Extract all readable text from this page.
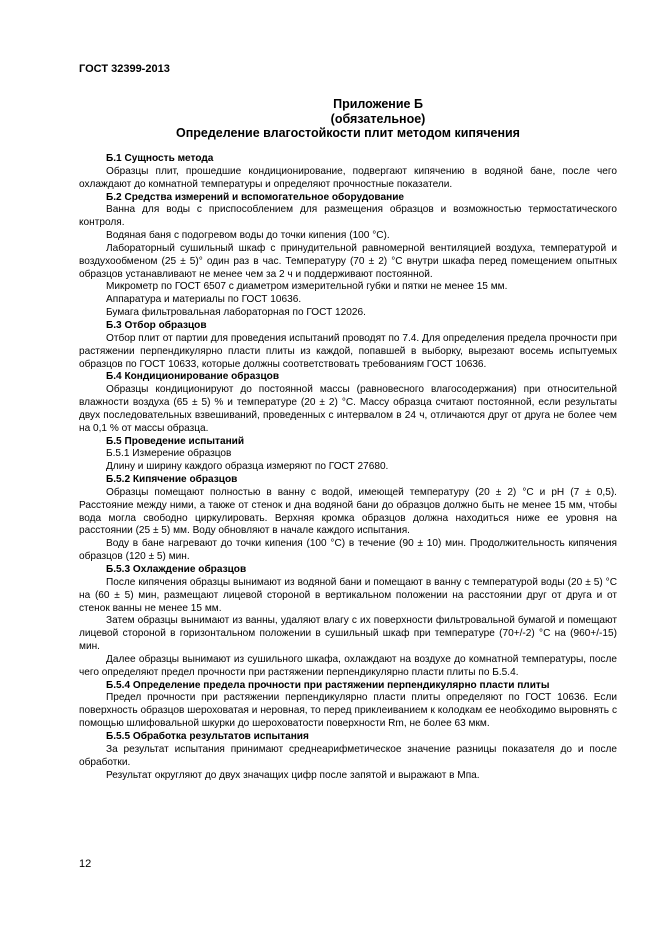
ГОСТ 32399-2013
Приложение Б
(обязательное)
Определение влагостойкости плит методом кипячения

Б.1 Сущность метода

Образцы плит, прошедшие кондиционирование, подвергают кипячению в водяной бане, после чего охлаждают до комнатной температуры и определяют прочностные показатели.

Б.2 Средства измерений и вспомогательное оборудование

Ванна для воды с приспособлением для размещения образцов и возможностью термостатического контроля.

Водяная баня с подогревом воды до точки кипения (100 °C).

Лабораторный сушильный шкаф с принудительной равномерной вентиляцией воздуха, температурой и воздухообменом (25 ± 5)° один раз в час. Температуру (70 ± 2) °C внутри шкафа перед помещением опытных образцов устанавливают не менее чем за 2 ч и поддерживают постоянной.

Микрометр по ГОСТ 6507 с диаметром измерительной губки и пятки не менее 15 мм.

Аппаратура и материалы по ГОСТ 10636.

Бумага фильтровальная лабораторная по ГОСТ 12026.

Б.3 Отбор образцов

Отбор плит от партии для проведения испытаний проводят по 7.4. Для определения предела прочности при растяжении перпендикулярно пласти плиты из каждой, попавшей в выборку, вырезают восемь испытуемых образцов по ГОСТ 10633, которые должны соответствовать требованиям ГОСТ 10636.

Б.4 Кондиционирование образцов

Образцы кондиционируют до постоянной массы (равновесного влагосодержания) при относительной влажности воздуха (65 ± 5) % и температуре (20 ± 2) °C. Массу образца считают постоянной, если результаты двух последовательных взвешиваний, проведенных с интервалом в 24 ч, отличаются друг от друга не более чем на 0,1 % от массы образца.

Б.5 Проведение испытаний

Б.5.1 Измерение образцов

Длину и ширину каждого образца измеряют по ГОСТ 27680.

Б.5.2 Кипячение образцов

Образцы помещают полностью в ванну с водой, имеющей температуру (20 ± 2) °C и pH (7 ± 0,5). Расстояние между ними, а также от стенок и дна водяной бани до образцов должно быть не менее 15 мм, чтобы вода могла свободно циркулировать. Верхняя кромка образцов должна находиться ниже ее уровня на расстоянии (25 ± 5) мм. Воду обновляют в начале каждого испытания.

Воду в бане нагревают до точки кипения (100 °C) в течение (90 ± 10) мин. Продолжительность кипячения образцов (120 ± 5) мин.

Б.5.3 Охлаждение образцов

После кипячения образцы вынимают из водяной бани и помещают в ванну с температурой воды (20 ± 5) °C на (60 ± 5) мин, размещают лицевой стороной в вертикальном положении на расстоянии друг от друга и от стенок ванны не менее 15 мм.

Затем образцы вынимают из ванны, удаляют влагу с их поверхности фильтровальной бумагой и помещают лицевой стороной в горизонтальном положении в сушильный шкаф при температуре (70+/-2) °C на (960+/-15) мин.

Далее образцы вынимают из сушильного шкафа, охлаждают на воздухе до комнатной температуры, после чего определяют предел прочности при растяжении перпендикулярно пласти плиты по Б.5.4.

Б.5.4 Определение предела прочности при растяжении перпендикулярно пласти плиты

Предел прочности при растяжении перпендикулярно пласти плиты определяют по ГОСТ 10636. Если поверхность образцов шероховатая и неровная, то перед приклеиванием к колодкам ее необходимо выровнять с помощью шлифовальной шкурки до шероховатости поверхности Rm, не более 63 мкм.

Б.5.5 Обработка результатов испытания

За результат испытания принимают среднеарифметическое значение разницы показателя до и после обработки.

Результат округляют до двух значащих цифр после запятой и выражают в Мпа.

12
